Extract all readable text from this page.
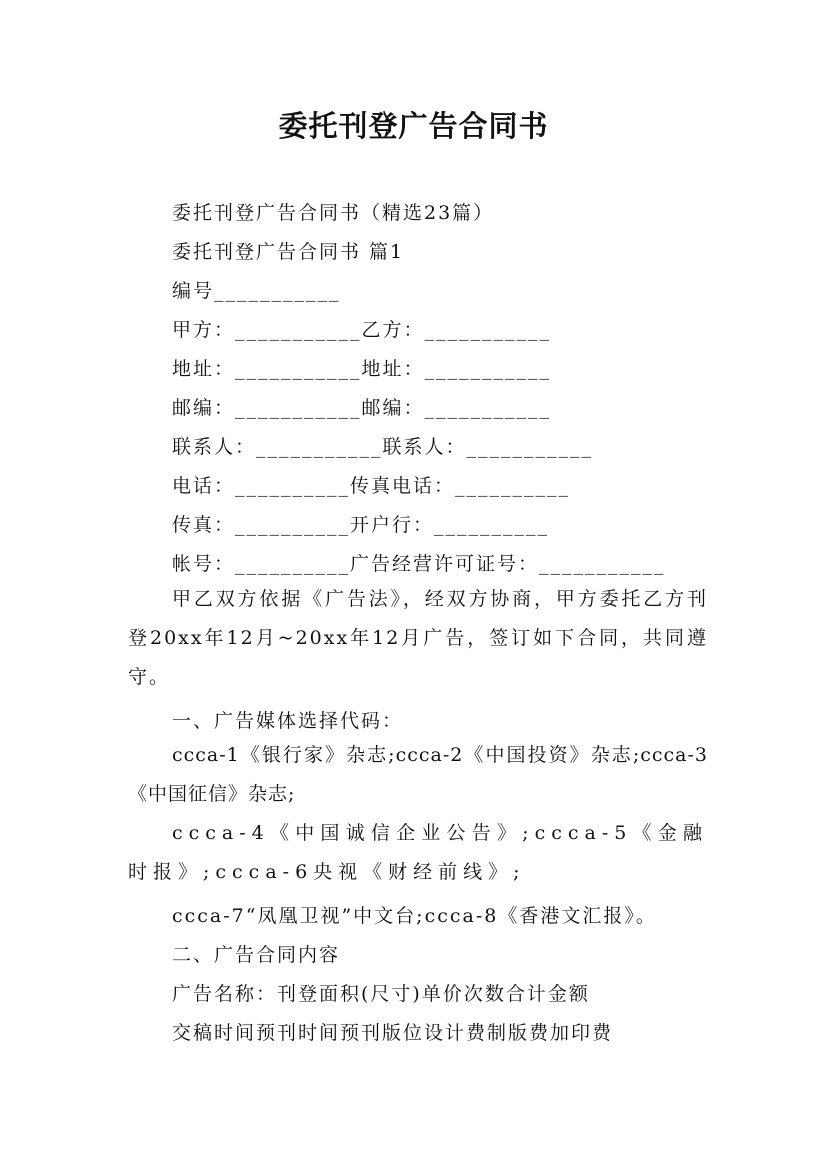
委托刊登广告合同书
委托刊登广告合同书（精选23篇）
委托刊登广告合同书 篇1
编号___________
甲方：___________乙方：___________
地址：___________地址：___________
邮编：___________邮编：___________
联系人：___________联系人：___________
电话：__________传真电话：__________
传真：__________开户行：__________
帐号：__________广告经营许可证号：___________
甲乙双方依据《广告法》，经双方协商，甲方委托乙方刊登20xx年12月~20xx年12月广告，签订如下合同，共同遵守。
一、广告媒体选择代码：
ccca-1《银行家》杂志;ccca-2《中国投资》杂志;ccca-3《中国征信》杂志;
ccca-4《中国诚信企业公告》;ccca-5《金融时报》;ccca-6央视《财经前线》;
ccca-7“凤凰卫视”中文台;ccca-8《香港文汇报》。
二、广告合同内容
广告名称：刊登面积(尺寸)单价次数合计金额
交稿时间预刊时间预刊版位设计费制版费加印费
